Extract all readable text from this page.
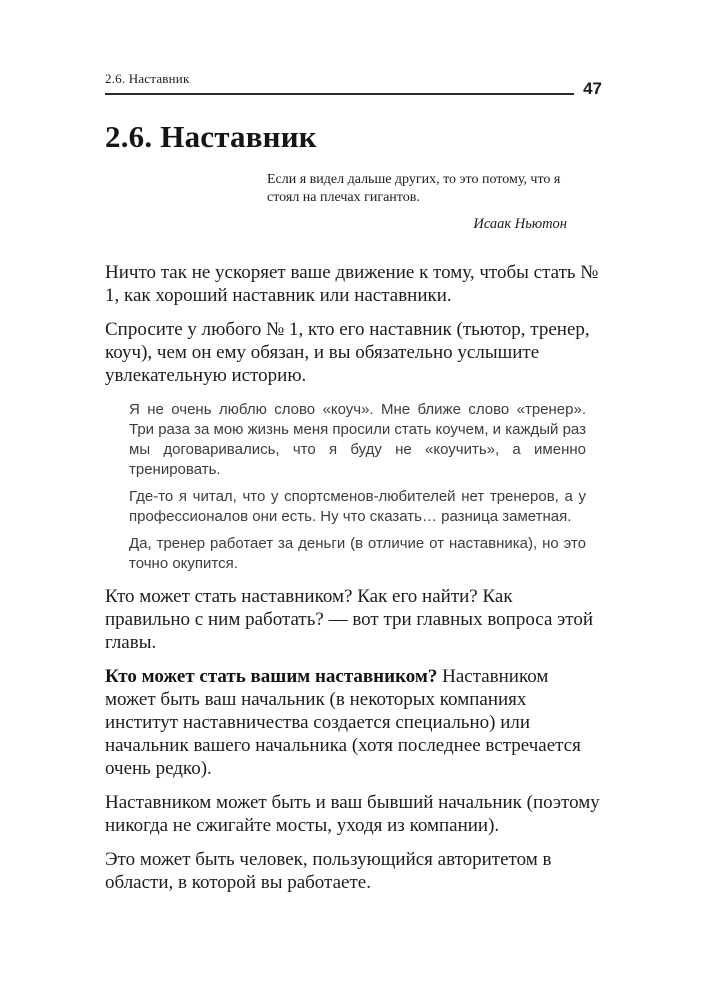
2.6. Наставник
47
2.6. Наставник

Если я видел дальше других, то это потому, что я стоял на плечах гигантов.

Исаак Ньютон

Ничто так не ускоряет ваше движение к тому, чтобы стать № 1, как хороший наставник или наставники.

Спросите у любого № 1, кто его наставник (тьютор, тренер, коуч), чем он ему обязан, и вы обязательно услышите увлекательную историю.

Я не очень люблю слово «коуч». Мне ближе слово «тренер». Три раза за мою жизнь меня просили стать коучем, и каждый раз мы договаривались, что я буду не «коучить», а именно тренировать.

Где-то я читал, что у спортсменов-любителей нет тренеров, а у профессионалов они есть. Ну что сказать… разница заметная.

Да, тренер работает за деньги (в отличие от наставника), но это точно окупится.

Кто может стать наставником? Как его найти? Как правильно с ним работать? — вот три главных вопроса этой главы.

Кто может стать вашим наставником? Наставником может быть ваш начальник (в некоторых компаниях институт наставничества создается специально) или начальник вашего начальника (хотя последнее встречается очень редко).

Наставником может быть и ваш бывший начальник (поэтому никогда не сжигайте мосты, уходя из компании).

Это может быть человек, пользующийся авторитетом в области, в которой вы работаете.
